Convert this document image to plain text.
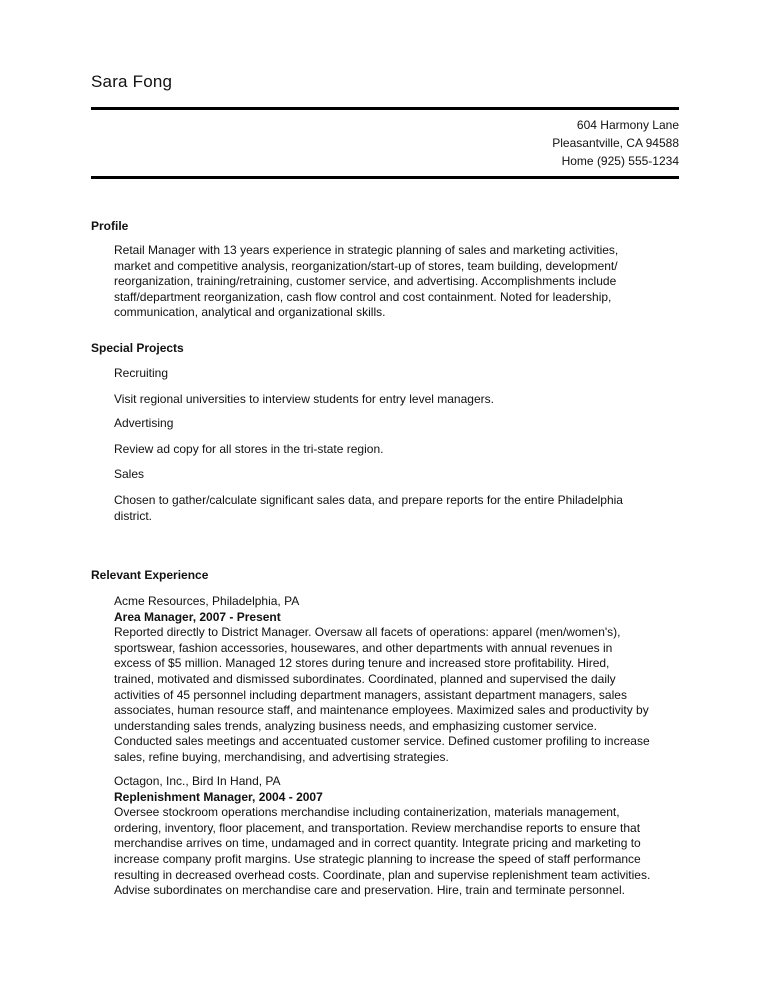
Sara Fong
604 Harmony Lane
Pleasantville, CA 94588
Home (925) 555-1234
Profile
Retail Manager with 13 years experience in strategic planning of sales and marketing activities,
market and competitive analysis, reorganization/start-up of stores, team building, development/
reorganization, training/retraining, customer service, and advertising. Accomplishments include
staff/department reorganization, cash flow control and cost containment. Noted for leadership,
communication, analytical and organizational skills.
Special Projects
Recruiting
Visit regional universities to interview students for entry level managers.
Advertising
Review ad copy for all stores in the tri-state region.
Sales
Chosen to gather/calculate significant sales data, and prepare reports for the entire Philadelphia
district.
Relevant Experience
Acme Resources, Philadelphia, PA
Area Manager, 2007 - Present
Reported directly to District Manager. Oversaw all facets of operations: apparel (men/women's),
sportswear, fashion accessories, housewares, and other departments with annual revenues in
excess of $5 million. Managed 12 stores during tenure and increased store profitability. Hired,
trained, motivated and dismissed subordinates. Coordinated, planned and supervised the daily
activities of 45 personnel including department managers, assistant department managers, sales
associates, human resource staff, and maintenance employees. Maximized sales and productivity by
understanding sales trends, analyzing business needs, and emphasizing customer service.
Conducted sales meetings and accentuated customer service. Defined customer profiling to increase
sales, refine buying, merchandising, and advertising strategies.
Octagon, Inc., Bird In Hand, PA
Replenishment Manager, 2004 - 2007
Oversee stockroom operations merchandise including containerization, materials management,
ordering, inventory, floor placement, and transportation. Review merchandise reports to ensure that
merchandise arrives on time, undamaged and in correct quantity. Integrate pricing and marketing to
increase company profit margins. Use strategic planning to increase the speed of staff performance
resulting in decreased overhead costs. Coordinate, plan and supervise replenishment team activities.
Advise subordinates on merchandise care and preservation. Hire, train and terminate personnel.
